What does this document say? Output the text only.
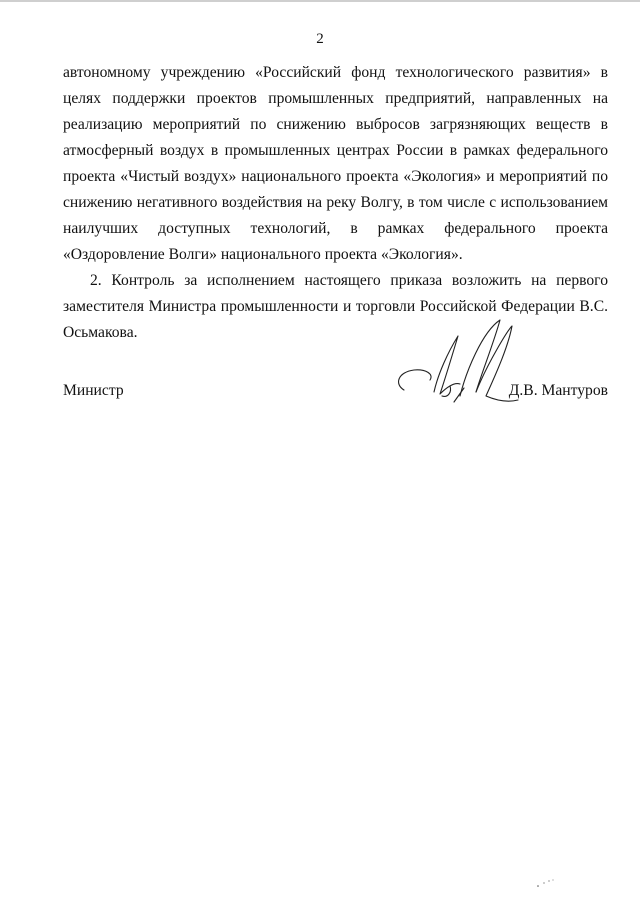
2

автономному учреждению «Российский фонд технологического развития» в целях поддержки проектов промышленных предприятий, направленных на реализацию мероприятий по снижению выбросов загрязняющих веществ в атмосферный воздух в промышленных центрах России в рамках федерального проекта «Чистый воздух» национального проекта «Экология» и мероприятий по снижению негативного воздействия на реку Волгу, в том числе с использованием наилучших доступных технологий, в рамках федерального проекта «Оздоровление Волги» национального проекта «Экология».

2. Контроль за исполнением настоящего приказа возложить на первого заместителя Министра промышленности и торговли Российской Федерации В.С. Осьмакова.

Министр	Д.В. Мантуров
